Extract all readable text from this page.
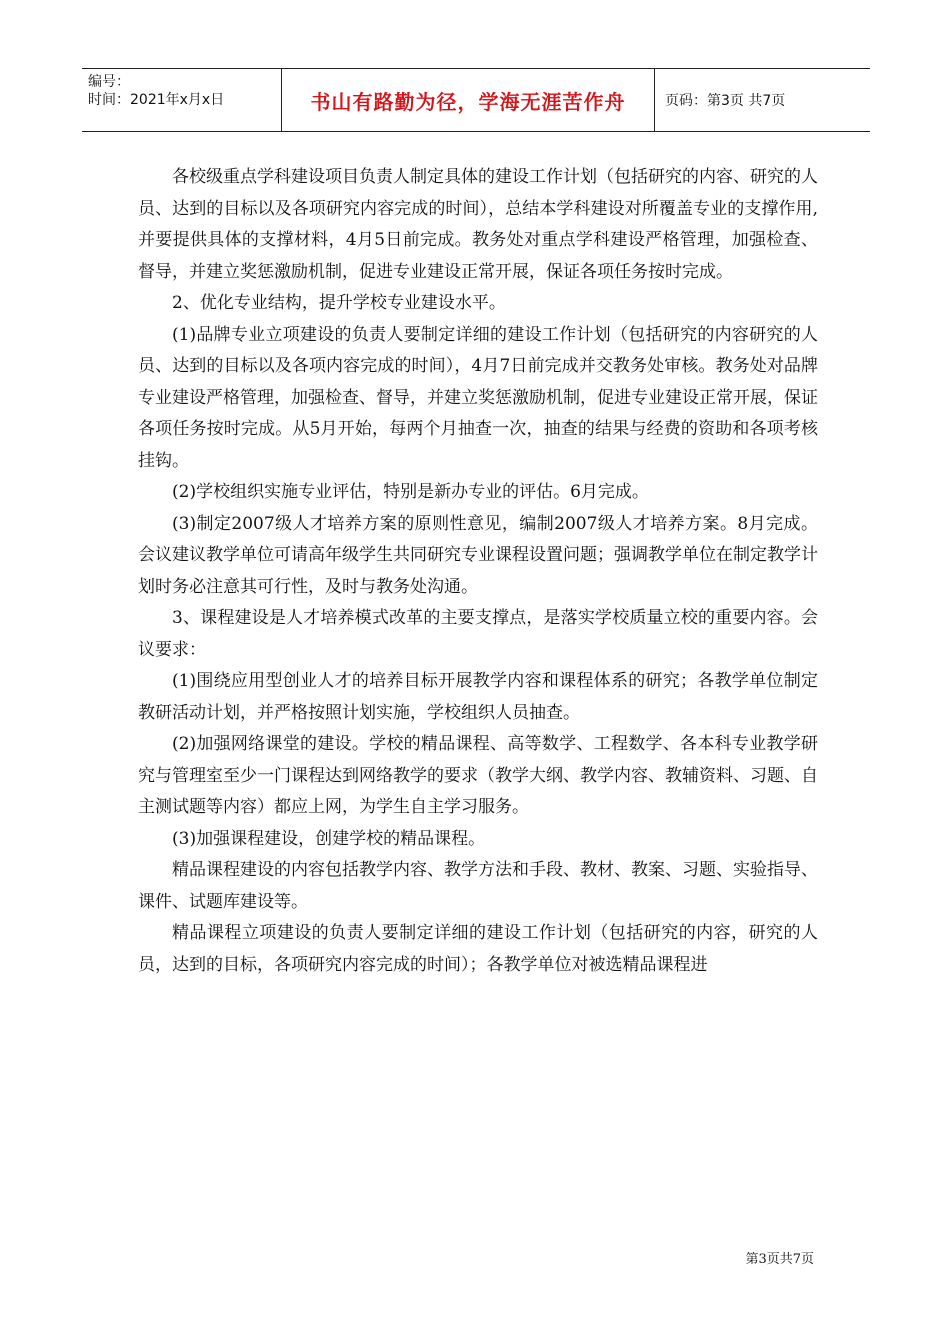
编号：
时间：2021年x月x日	书山有路勤为径，学海无涯苦作舟	页码：第3页 共7页

各校级重点学科建设项目负责人制定具体的建设工作计划（包括研究的内容、研究的人员、达到的目标以及各项研究内容完成的时间），总结本学科建设对所覆盖专业的支撑作用,并要提供具体的支撑材料，4月5日前完成。教务处对重点学科建设严格管理，加强检查、督导，并建立奖惩激励机制，促进专业建设正常开展，保证各项任务按时完成。

2、优化专业结构，提升学校专业建设水平。

(1)品牌专业立项建设的负责人要制定详细的建设工作计划（包括研究的内容研究的人员、达到的目标以及各项内容完成的时间），4月7日前完成并交教务处审核。教务处对品牌专业建设严格管理，加强检查、督导，并建立奖惩激励机制，促进专业建设正常开展，保证各项任务按时完成。从5月开始，每两个月抽查一次，抽查的结果与经费的资助和各项考核挂钩。

(2)学校组织实施专业评估，特别是新办专业的评估。6月完成。

(3)制定2007级人才培养方案的原则性意见，编制2007级人才培养方案。8月完成。会议建议教学单位可请高年级学生共同研究专业课程设置问题；强调教学单位在制定教学计划时务必注意其可行性，及时与教务处沟通。

3、课程建设是人才培养模式改革的主要支撑点，是落实学校质量立校的重要内容。会议要求：

(1)围绕应用型创业人才的培养目标开展教学内容和课程体系的研究；各教学单位制定教研活动计划，并严格按照计划实施，学校组织人员抽查。

(2)加强网络课堂的建设。学校的精品课程、高等数学、工程数学、各本科专业教学研究与管理室至少一门课程达到网络教学的要求（教学大纲、教学内容、教辅资料、习题、自主测试题等内容）都应上网，为学生自主学习服务。

(3)加强课程建设，创建学校的精品课程。

精品课程建设的内容包括教学内容、教学方法和手段、教材、教案、习题、实验指导、课件、试题库建设等。

精品课程立项建设的负责人要制定详细的建设工作计划（包括研究的内容，研究的人员，达到的目标，各项研究内容完成的时间）；各教学单位对被选精品课程进

第3页共7页
